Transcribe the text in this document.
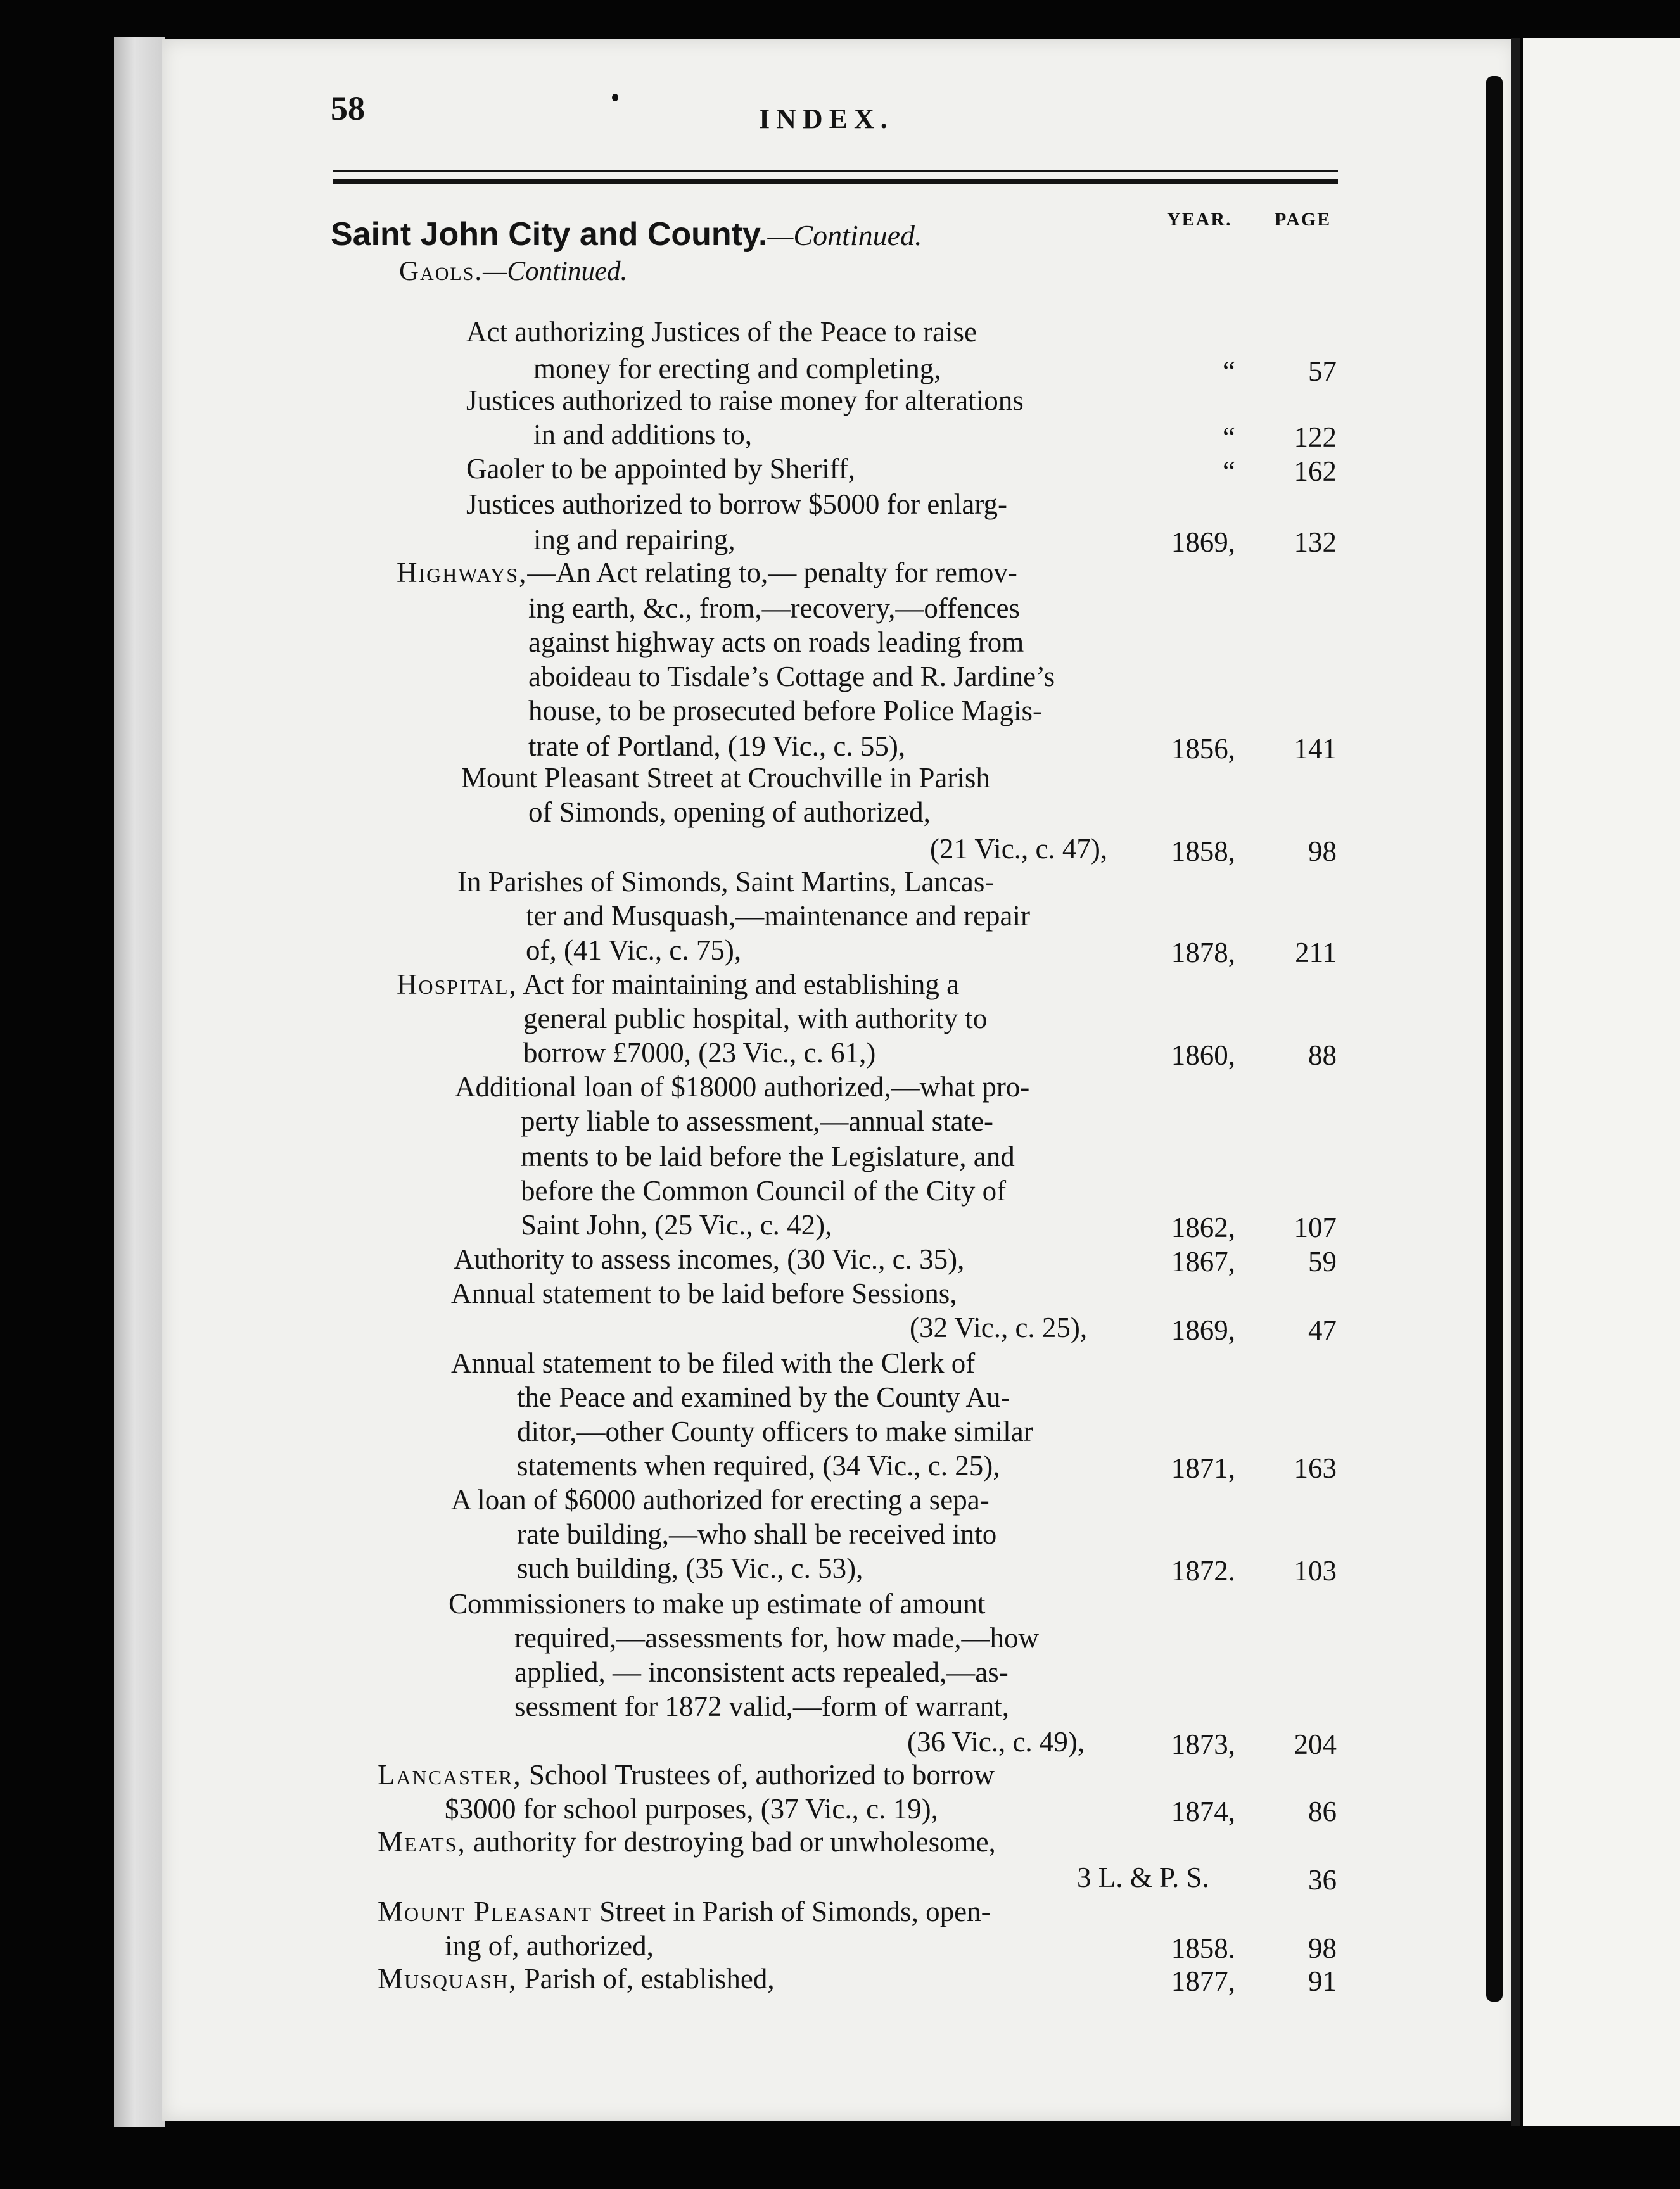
58	INDEX.
YEAR. PAGE
Saint John City and County.—Continued.
Gaols.—Continued.
Act authorizing Justices of the Peace to raise
money for erecting and completing,	“	57
Justices authorized to raise money for alterations
in and additions to,	“	122
Gaoler to be appointed by Sheriff,	“	162
Justices authorized to borrow $5000 for enlarg-
ing and repairing,	1869,	132
Highways,—An Act relating to,— penalty for remov-
ing earth, &c., from,—recovery,—offences
against highway acts on roads leading from
aboideau to Tisdale’s Cottage and R. Jardine’s
house, to be prosecuted before Police Magis-
trate of Portland, (19 Vic., c. 55),	1856,	141
Mount Pleasant Street at Crouchville in Parish
of Simonds, opening of authorized,
(21 Vic., c. 47),	1858,	98
In Parishes of Simonds, Saint Martins, Lancas-
ter and Musquash,—maintenance and repair
of, (41 Vic., c. 75),	1878,	211
Hospital, Act for maintaining and establishing a
general public hospital, with authority to
borrow £7000, (23 Vic., c. 61,)	1860,	88
Additional loan of $18000 authorized,—what pro-
perty liable to assessment,—annual state-
ments to be laid before the Legislature, and
before the Common Council of the City of
Saint John, (25 Vic., c. 42),	1862,	107
Authority to assess incomes, (30 Vic., c. 35),	1867,	59
Annual statement to be laid before Sessions,
(32 Vic., c. 25),	1869,	47
Annual statement to be filed with the Clerk of
the Peace and examined by the County Au-
ditor,—other County officers to make similar
statements when required, (34 Vic., c. 25),	1871,	163
A loan of $6000 authorized for erecting a sepa-
rate building,—who shall be received into
such building, (35 Vic., c. 53),	1872.	103
Commissioners to make up estimate of amount
required,—assessments for, how made,—how
applied, — inconsistent acts repealed,—as-
sessment for 1872 valid,—form of warrant,
(36 Vic., c. 49),	1873,	204
Lancaster, School Trustees of, authorized to borrow
$3000 for school purposes, (37 Vic., c. 19),	1874,	86
Meats, authority for destroying bad or unwholesome,
3 L. & P. S.	36
Mount Pleasant Street in Parish of Simonds, open-
ing of, authorized,	1858.	98
Musquash, Parish of, established,	1877,	91
